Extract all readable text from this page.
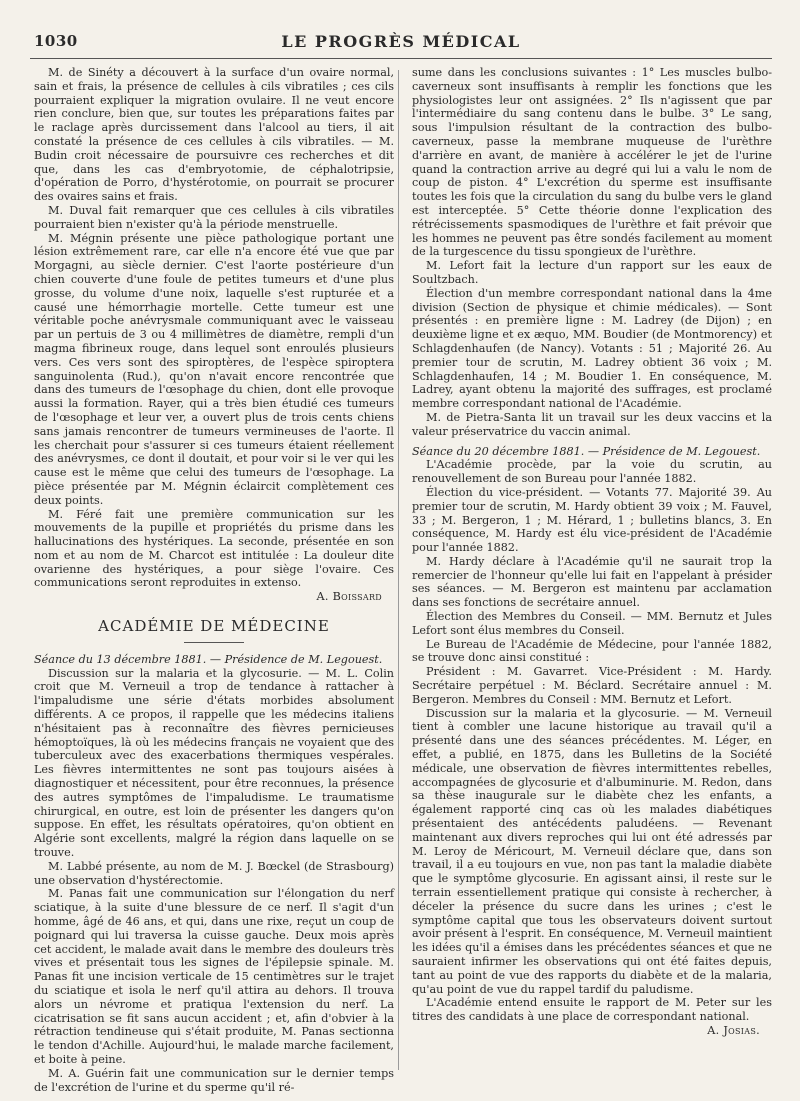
1030	LE PROGRÈS MÉDICAL

M. de Sinéty a découvert à la surface d'un ovaire normal, sain et frais, la présence de cellules à cils vibratiles ; ces cils pourraient expliquer la migration ovulaire. Il ne veut encore rien conclure, bien que, sur toutes les préparations faites par le raclage après durcissement dans l'alcool au tiers, il ait constaté la présence de ces cellules à cils vibratiles. — M. Budin croit nécessaire de poursuivre ces recherches et dit que, dans les cas d'embryotomie, de céphalotripsie, d'opération de Porro, d'hystérotomie, on pourrait se procurer des ovaires sains et frais.

M. Duval fait remarquer que ces cellules à cils vibratiles pourraient bien n'exister qu'à la période menstruelle.

M. Mégnin présente une pièce pathologique portant une lésion extrêmement rare, car elle n'a encore été vue que par Morgagni, au siècle dernier. C'est l'aorte postérieure d'un chien couverte d'une foule de petites tumeurs et d'une plus grosse, du volume d'une noix, laquelle s'est rupturée et a causé une hémorrhagie mortelle. Cette tumeur est une véritable poche anévrysmale communiquant avec le vaisseau par un pertuis de 3 ou 4 millimètres de diamètre, rempli d'un magma fibrineux rouge, dans lequel sont enroulés plusieurs vers. Ces vers sont des spiroptères, de l'espèce spiroptera sanguinolenta (Rud.), qu'on n'avait encore rencontrée que dans des tumeurs de l'œsophage du chien, dont elle provoque aussi la formation. Rayer, qui a très bien étudié ces tumeurs de l'œsophage et leur ver, a ouvert plus de trois cents chiens sans jamais rencontrer de tumeurs vermineuses de l'aorte. Il les cherchait pour s'assurer si ces tumeurs étaient réellement des anévrysmes, ce dont il doutait, et pour voir si le ver qui les cause est le même que celui des tumeurs de l'œsophage. La pièce présentée par M. Mégnin éclaircit complètement ces deux points.

M. Féré fait une première communication sur les mouvements de la pupille et propriétés du prisme dans les hallucinations des hystériques. La seconde, présentée en son nom et au nom de M. Charcot est intitulée : La douleur dite ovarienne des hystériques, a pour siège l'ovaire. Ces communications seront reproduites in extenso.

A. Boissard
ACADÉMIE DE MÉDECINE

Séance du 13 décembre 1881. — Présidence de M. Legouest.

Discussion sur la malaria et la glycosurie. — M. L. Colin croit que M. Verneuil a trop de tendance à rattacher à l'impaludisme une série d'états morbides absolument différents. A ce propos, il rappelle que les médecins italiens n'hésitaient pas à reconnaître des fièvres pernicieuses hémoptoïques, là où les médecins français ne voyaient que des tuberculeux avec des exacerbations thermiques vespérales. Les fièvres intermittentes ne sont pas toujours aisées à diagnostiquer et nécessitent, pour être reconnues, la présence des autres symptômes de l'impaludisme. Le traumatisme chirurgical, en outre, est loin de présenter les dangers qu'on suppose. En effet, les résultats opératoires, qu'on obtient en Algérie sont excellents, malgré la région dans laquelle on se trouve.

M. Labbé présente, au nom de M. J. Bœckel (de Strasbourg) une observation d'hystérectomie.

M. Panas fait une communication sur l'élongation du nerf sciatique, à la suite d'une blessure de ce nerf. Il s'agit d'un homme, âgé de 46 ans, et qui, dans une rixe, reçut un coup de poignard qui lui traversa la cuisse gauche. Deux mois après cet accident, le malade avait dans le membre des douleurs très vives et présentait tous les signes de l'épilepsie spinale. M. Panas fit une incision verticale de 15 centimètres sur le trajet du sciatique et isola le nerf qu'il attira au dehors. Il trouva alors un névrome et pratiqua l'extension du nerf. La cicatrisation se fit sans aucun accident ; et, afin d'obvier à la rétraction tendineuse qui s'était produite, M. Panas sectionna le tendon d'Achille. Aujourd'hui, le malade marche facilement, et boite à peine.

M. A. Guérin fait une communication sur le dernier temps de l'excrétion de l'urine et du sperme qu'il ré-

sume dans les conclusions suivantes : 1° Les muscles bulbo-caverneux sont insuffisants à remplir les fonctions que les physiologistes leur ont assignées. 2° Ils n'agissent que par l'intermédiaire du sang contenu dans le bulbe. 3° Le sang, sous l'impulsion résultant de la contraction des bulbo-caverneux, passe la membrane muqueuse de l'urèthre d'arrière en avant, de manière à accélérer le jet de l'urine quand la contraction arrive au degré qui lui a valu le nom de coup de piston. 4° L'excrétion du sperme est insuffisante toutes les fois que la circulation du sang du bulbe vers le gland est interceptée. 5° Cette théorie donne l'explication des rétrécissements spasmodiques de l'urèthre et fait prévoir que les hommes ne peuvent pas être sondés facilement au moment de la turgescence du tissu spongieux de l'urèthre.

M. Lefort fait la lecture d'un rapport sur les eaux de Soultzbach.

Élection d'un membre correspondant national dans la 4me division (Section de physique et chimie médicales). — Sont présentés : en première ligne : M. Ladrey (de Dijon) ; en deuxième ligne et ex æquo, MM. Boudier (de Montmorency) et Schlagdenhaufen (de Nancy). Votants : 51 ; Majorité 26. Au premier tour de scrutin, M. Ladrey obtient 36 voix ; M. Schlagdenhaufen, 14 ; M. Boudier 1. En conséquence, M. Ladrey, ayant obtenu la majorité des suffrages, est proclamé membre correspondant national de l'Académie.

M. de Pietra-Santa lit un travail sur les deux vaccins et la valeur préservatrice du vaccin animal.

Séance du 20 décembre 1881. — Présidence de M. Legouest.

L'Académie procède, par la voie du scrutin, au renouvellement de son Bureau pour l'année 1882.

Élection du vice-président. — Votants 77. Majorité 39. Au premier tour de scrutin, M. Hardy obtient 39 voix ; M. Fauvel, 33 ; M. Bergeron, 1 ; M. Hérard, 1 ; bulletins blancs, 3. En conséquence, M. Hardy est élu vice-président de l'Académie pour l'année 1882.

M. Hardy déclare à l'Académie qu'il ne saurait trop la remercier de l'honneur qu'elle lui fait en l'appelant à présider ses séances. — M. Bergeron est maintenu par acclamation dans ses fonctions de secrétaire annuel.

Élection des Membres du Conseil. — MM. Bernutz et Jules Lefort sont élus membres du Conseil.

Le Bureau de l'Académie de Médecine, pour l'année 1882, se trouve donc ainsi constitué :

Président : M. Gavarret. Vice-Président : M. Hardy. Secrétaire perpétuel : M. Béclard. Secrétaire annuel : M. Bergeron. Membres du Conseil : MM. Bernutz et Lefort.

Discussion sur la malaria et la glycosurie. — M. Verneuil tient à combler une lacune historique au travail qu'il a présenté dans une des séances précédentes. M. Léger, en effet, a publié, en 1875, dans les Bulletins de la Société médicale, une observation de fièvres intermittentes rebelles, accompagnées de glycosurie et d'albuminurie. M. Redon, dans sa thèse inaugurale sur le diabète chez les enfants, a également rapporté cinq cas où les malades diabétiques présentaient des antécédents paludéens. — Revenant maintenant aux divers reproches qui lui ont été adressés par M. Leroy de Méricourt, M. Verneuil déclare que, dans son travail, il a eu toujours en vue, non pas tant la maladie diabète que le symptôme glycosurie. En agissant ainsi, il reste sur le terrain essentiellement pratique qui consiste à rechercher, à déceler la présence du sucre dans les urines ; c'est le symptôme capital que tous les observateurs doivent surtout avoir présent à l'esprit. En conséquence, M. Verneuil maintient les idées qu'il a émises dans les précédentes séances et que ne sauraient infirmer les observations qui ont été faites depuis, tant au point de vue des rapports du diabète et de la malaria, qu'au point de vue du rappel tardif du paludisme.

L'Académie entend ensuite le rapport de M. Peter sur les titres des candidats à une place de correspondant national.

A. Josias.
